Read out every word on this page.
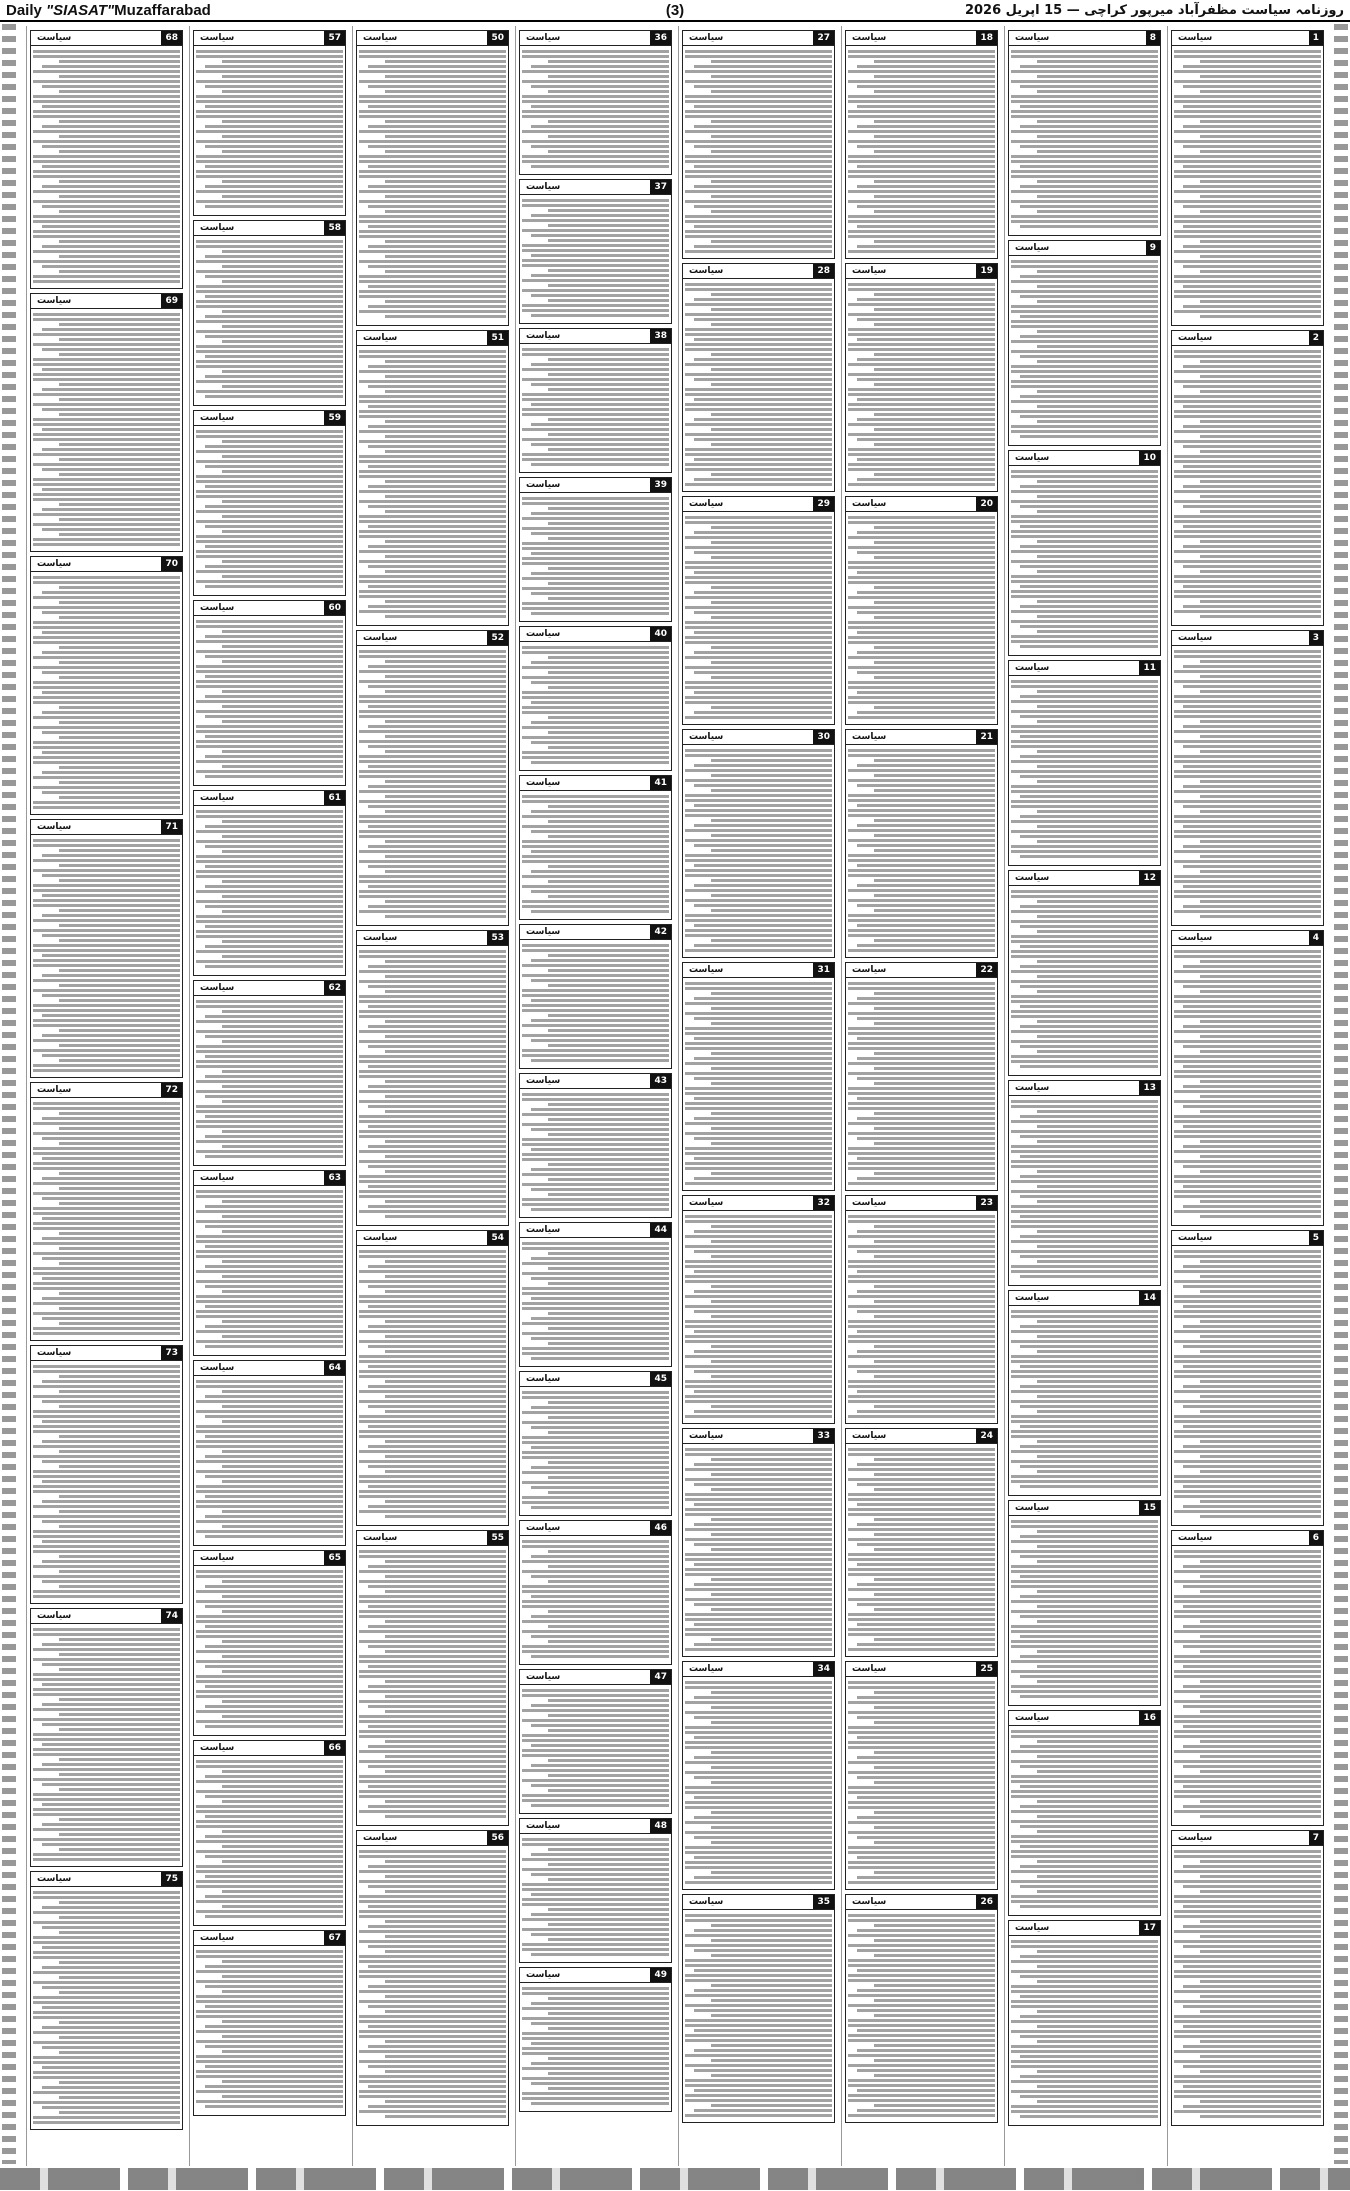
Daily "SIASAT"Muzaffarabad	(3)	روزنامہ سیاست مظفرآباد میرپور کراچی — 15 اپریل 2026
سیاست	1
سیاست	2
سیاست	3
سیاست	4
سیاست	5
سیاست	6
سیاست	7
سیاست	8
سیاست	9
سیاست	10
سیاست	11
سیاست	12
سیاست	13
سیاست	14
سیاست	15
سیاست	16
سیاست	17
سیاست	18
سیاست	19
سیاست	20
سیاست	21
سیاست	22
سیاست	23
سیاست	24
سیاست	25
سیاست	26
سیاست	27
سیاست	28
سیاست	29
سیاست	30
سیاست	31
سیاست	32
سیاست	33
سیاست	34
سیاست	35
سیاست	36
سیاست	37
سیاست	38
سیاست	39
سیاست	40
سیاست	41
سیاست	42
سیاست	43
سیاست	44
سیاست	45
سیاست	46
سیاست	47
سیاست	48
سیاست	49
سیاست	50
سیاست	51
سیاست	52
سیاست	53
سیاست	54
سیاست	55
سیاست	56
سیاست	57
سیاست	58
سیاست	59
سیاست	60
سیاست	61
سیاست	62
سیاست	63
سیاست	64
سیاست	65
سیاست	66
سیاست	67
سیاست	68
سیاست	69
سیاست	70
سیاست	71
سیاست	72
سیاست	73
سیاست	74
سیاست	75
